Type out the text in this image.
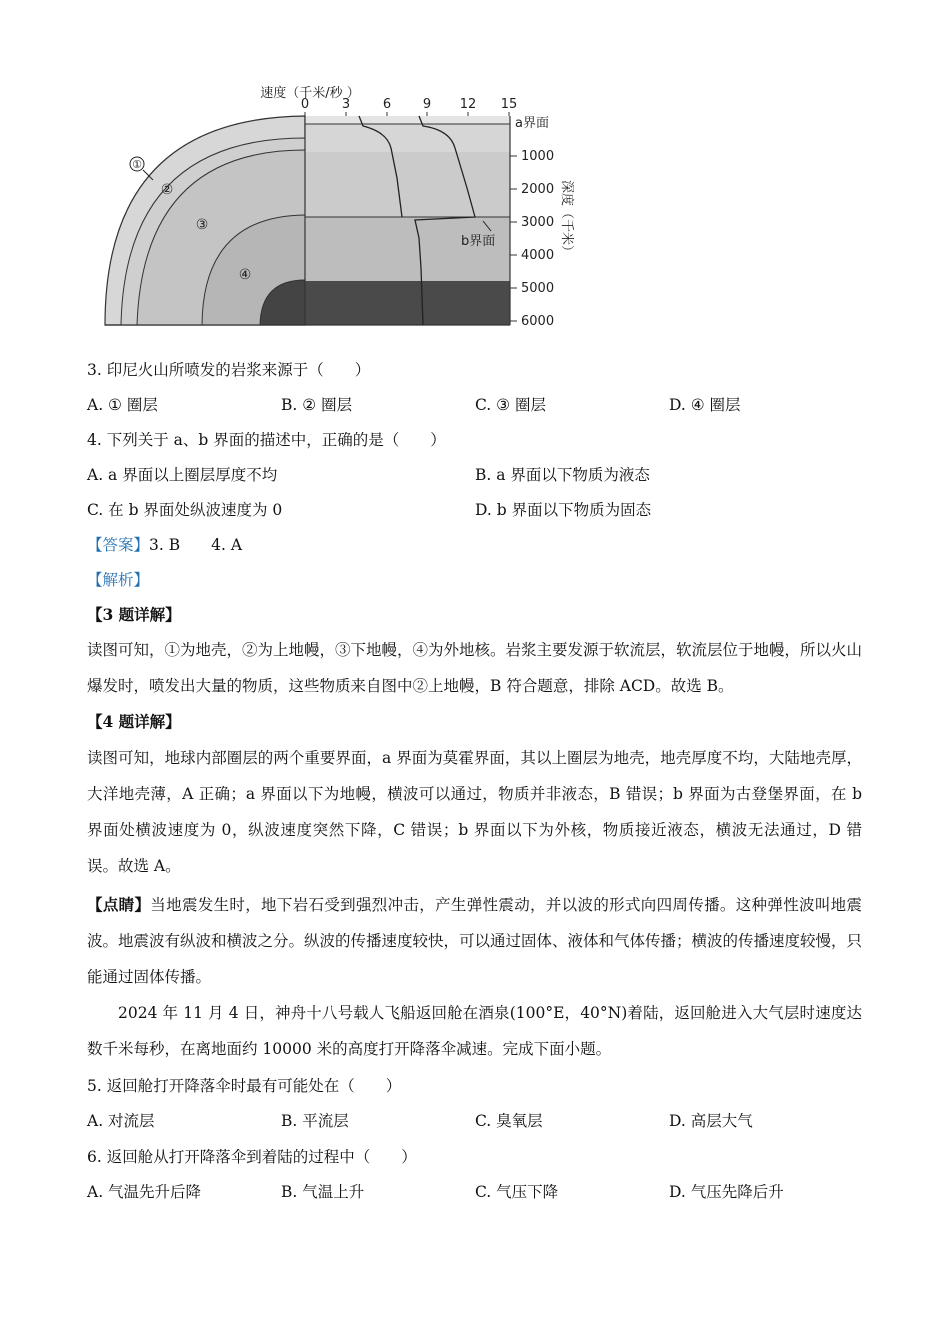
速度（千米/秒 ）
0	3	6 9 12 15
a界面
1000
2000
3000
4000
5000
6000
深度（千米）
b界面
①
②
③
④
3. 印尼火山所喷发的岩浆来源于（　　）
A. ① 圈层	B. ② 圈层	C. ③ 圈层	D. ④ 圈层
4. 下列关于 a、b 界面的描述中，正确的是（　　）
A. a 界面以上圈层厚度不均	B. a 界面以下物质为液态
C. 在 b 界面处纵波速度为 0	D. b 界面以下物质为固态
【答案】3. B　　4. A
【解析】
【3 题详解】
读图可知，①为地壳，②为上地幔，③下地幔，④为外地核。岩浆主要发源于软流层，软流层位于地幔，所以火山爆发时，喷发出大量的物质，这些物质来自图中②上地幔，B 符合题意，排除 ACD。故选 B。
【4 题详解】
读图可知，地球内部圈层的两个重要界面，a 界面为莫霍界面，其以上圈层为地壳，地壳厚度不均，大陆地壳厚，大洋地壳薄，A 正确；a 界面以下为地幔，横波可以通过，物质并非液态，B 错误；b 界面为古登堡界面，在 b 界面处横波速度为 0，纵波速度突然下降，C 错误；b 界面以下为外核，物质接近液态，横波无法通过，D 错误。故选 A。
【点睛】当地震发生时，地下岩石受到强烈冲击，产生弹性震动，并以波的形式向四周传播。这种弹性波叫地震波。地震波有纵波和横波之分。纵波的传播速度较快，可以通过固体、液体和气体传播；横波的传播速度较慢，只能通过固体传播。
2024 年 11 月 4 日，神舟十八号载人飞船返回舱在酒泉(100°E，40°N)着陆，返回舱进入大气层时速度达数千米每秒，在离地面约 10000 米的高度打开降落伞减速。完成下面小题。
5. 返回舱打开降落伞时最有可能处在（　　）
A. 对流层	B. 平流层	C. 臭氧层	D. 高层大气
6. 返回舱从打开降落伞到着陆的过程中（　　）
A. 气温先升后降	B. 气温上升	C. 气压下降	D. 气压先降后升
